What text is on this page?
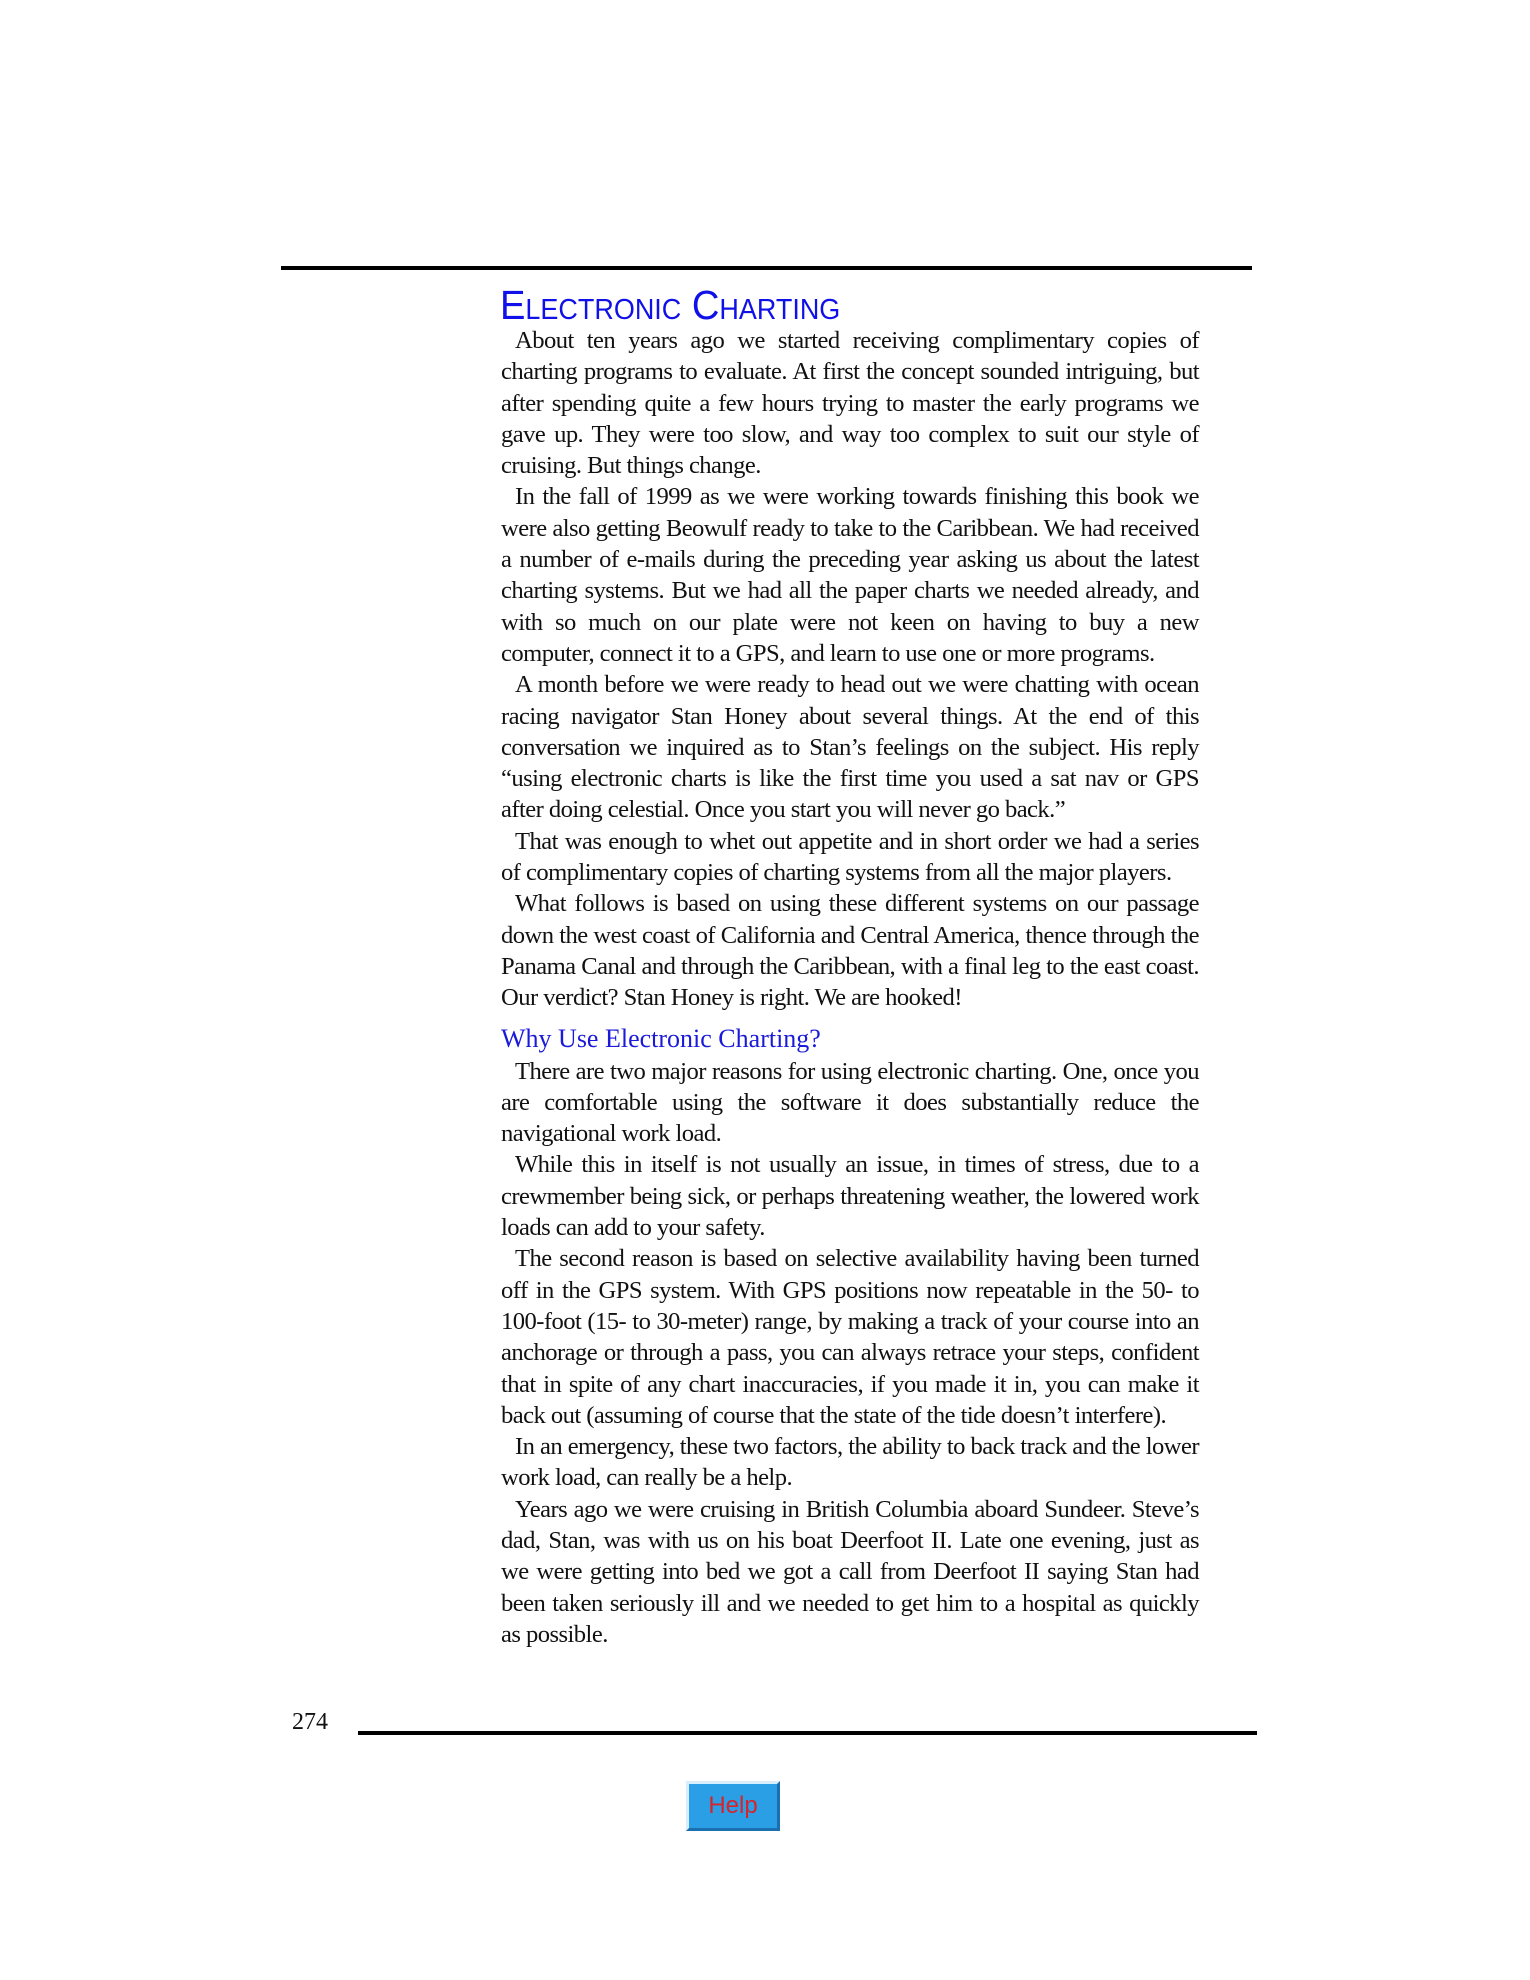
Electronic Charting

About ten years ago we started receiving complimentary copies of charting programs to evaluate. At first the concept sounded intriguing, but after spending quite a few hours trying to master the early programs we gave up. They were too slow, and way too complex to suit our style of cruising. But things change.

In the fall of 1999 as we were working towards finishing this book we were also getting Beowulf ready to take to the Caribbean. We had received a number of e-mails during the preceding year asking us about the latest charting systems. But we had all the paper charts we needed already, and with so much on our plate were not keen on having to buy a new computer, connect it to a GPS, and learn to use one or more programs.

A month before we were ready to head out we were chatting with ocean racing navigator Stan Honey about several things. At the end of this conversation we inquired as to Stan’s feelings on the subject. His reply “using electronic charts is like the first time you used a sat nav or GPS after doing celestial. Once you start you will never go back.”

That was enough to whet out appetite and in short order we had a series of complimentary copies of charting systems from all the major players.

What follows is based on using these different systems on our passage down the west coast of California and Central America, thence through the Panama Canal and through the Caribbean, with a final leg to the east coast. Our verdict? Stan Honey is right. We are hooked!

Why Use Electronic Charting?

There are two major reasons for using electronic charting. One, once you are comfortable using the software it does substantially reduce the navigational work load.

While this in itself is not usually an issue, in times of stress, due to a crewmember being sick, or perhaps threatening weather, the lowered work loads can add to your safety.

The second reason is based on selective availability having been turned off in the GPS system. With GPS positions now repeatable in the 50- to 100-foot (15- to 30-meter) range, by making a track of your course into an anchorage or through a pass, you can always retrace your steps, confident that in spite of any chart inaccuracies, if you made it in, you can make it back out (assuming of course that the state of the tide doesn’t interfere).

In an emergency, these two factors, the ability to back track and the lower work load, can really be a help.

Years ago we were cruising in British Columbia aboard Sundeer. Steve’s dad, Stan, was with us on his boat Deerfoot II. Late one evening, just as we were getting into bed we got a call from Deerfoot II saying Stan had been taken seriously ill and we needed to get him to a hospital as quickly as possible.

274
Help
